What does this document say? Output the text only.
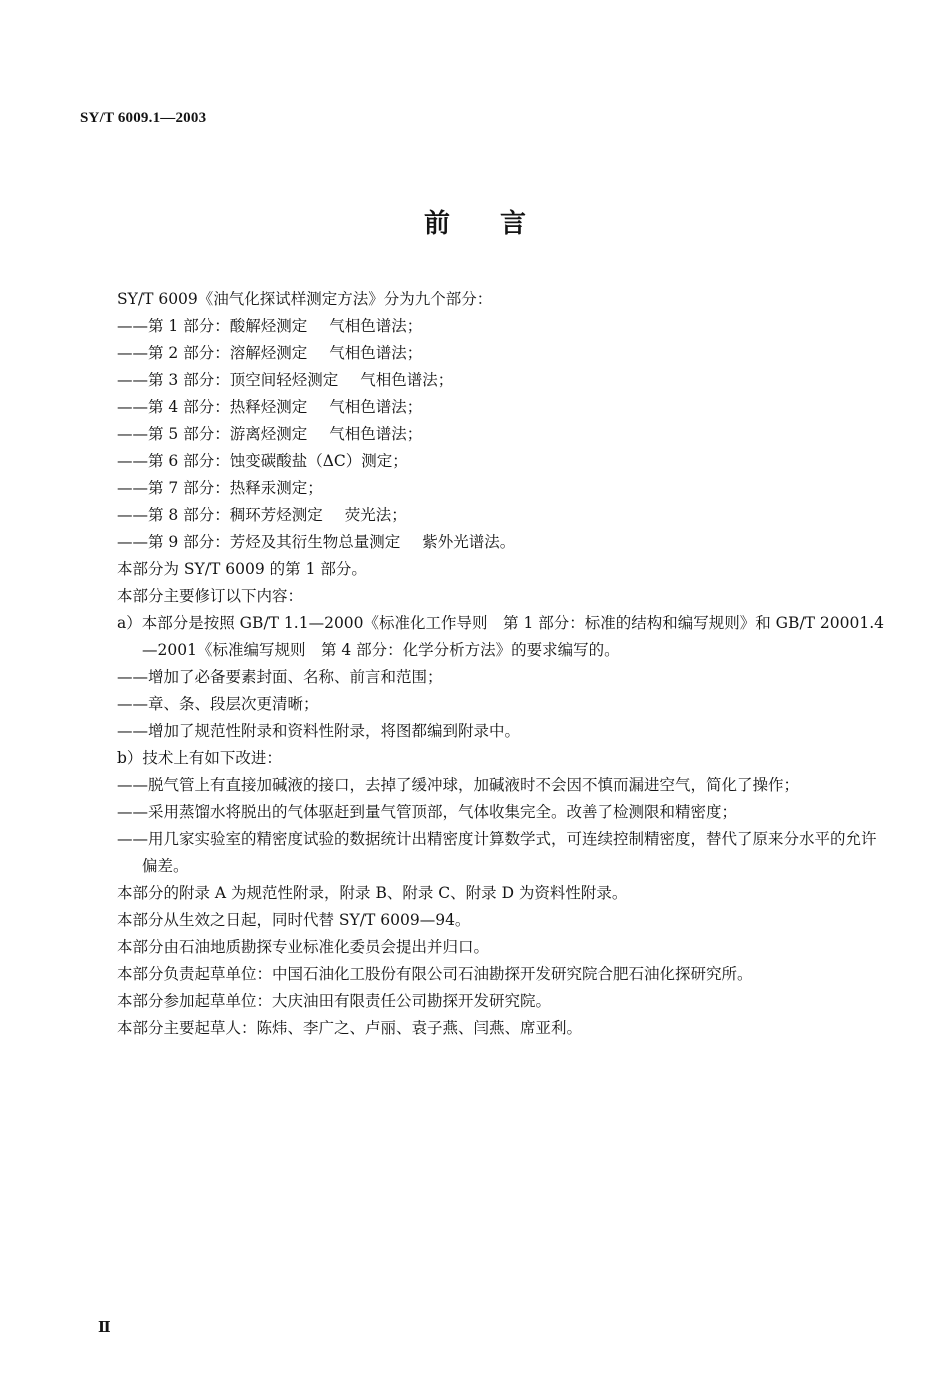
SY/T 6009.1—2003
前言

SY/T 6009《油气化探试样测定方法》分为九个部分：

——第 1 部分：酸解烃测定 气相色谱法；

——第 2 部分：溶解烃测定 气相色谱法；

——第 3 部分：顶空间轻烃测定 气相色谱法；

——第 4 部分：热释烃测定 气相色谱法；

——第 5 部分：游离烃测定 气相色谱法；

——第 6 部分：蚀变碳酸盐（ΔC）测定；

——第 7 部分：热释汞测定；

——第 8 部分：稠环芳烃测定 荧光法；

——第 9 部分：芳烃及其衍生物总量测定 紫外光谱法。

本部分为 SY/T 6009 的第 1 部分。

本部分主要修订以下内容：

a）本部分是按照 GB/T 1.1—2000《标准化工作导则　第 1 部分：标准的结构和编写规则》和 GB/T 20001.4—2001《标准编写规则　第 4 部分：化学分析方法》的要求编写的。

——增加了必备要素封面、名称、前言和范围；

——章、条、段层次更清晰；

——增加了规范性附录和资料性附录，将图都编到附录中。

b）技术上有如下改进：

——脱气管上有直接加碱液的接口，去掉了缓冲球，加碱液时不会因不慎而漏进空气，简化了操作；

——采用蒸馏水将脱出的气体驱赶到量气管顶部，气体收集完全。改善了检测限和精密度；

——用几家实验室的精密度试验的数据统计出精密度计算数学式，可连续控制精密度，替代了原来分水平的允许偏差。

本部分的附录 A 为规范性附录，附录 B、附录 C、附录 D 为资料性附录。

本部分从生效之日起，同时代替 SY/T 6009—94。

本部分由石油地质勘探专业标准化委员会提出并归口。

本部分负责起草单位：中国石油化工股份有限公司石油勘探开发研究院合肥石油化探研究所。

本部分参加起草单位：大庆油田有限责任公司勘探开发研究院。

本部分主要起草人：陈炜、李广之、卢丽、袁子燕、闫燕、席亚利。

Ⅱ
